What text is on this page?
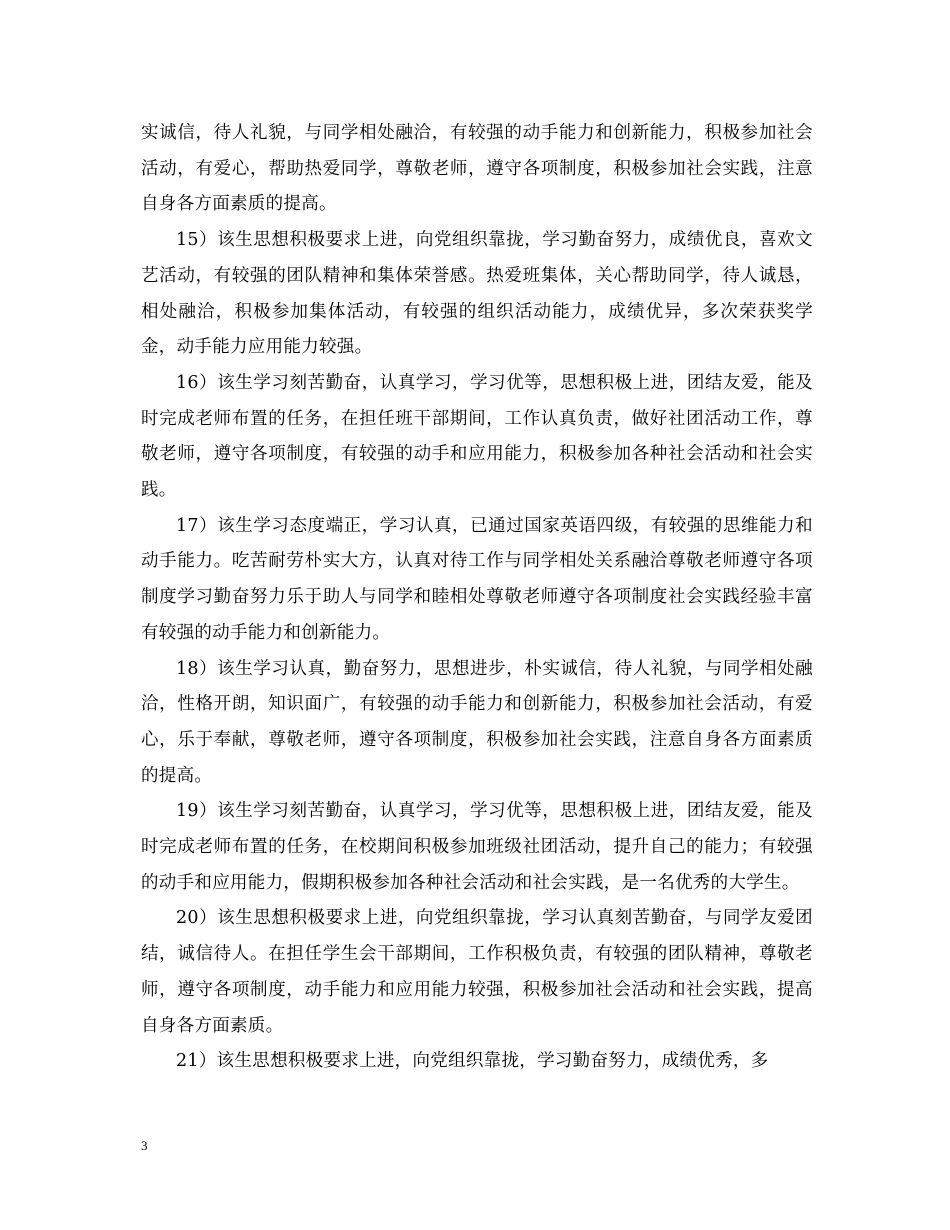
实诚信，待人礼貌，与同学相处融洽，有较强的动手能力和创新能力，积极参加社会活动，有爱心，帮助热爱同学，尊敬老师，遵守各项制度，积极参加社会实践，注意自身各方面素质的提高。

15）该生思想积极要求上进，向党组织靠拢，学习勤奋努力，成绩优良，喜欢文艺活动，有较强的团队精神和集体荣誉感。热爱班集体，关心帮助同学，待人诚恳，相处融洽，积极参加集体活动，有较强的组织活动能力，成绩优异，多次荣获奖学金，动手能力应用能力较强。

16）该生学习刻苦勤奋，认真学习，学习优等，思想积极上进，团结友爱，能及时完成老师布置的任务，在担任班干部期间，工作认真负责，做好社团活动工作，尊敬老师，遵守各项制度，有较强的动手和应用能力，积极参加各种社会活动和社会实践。

17）该生学习态度端正，学习认真，已通过国家英语四级，有较强的思维能力和动手能力。吃苦耐劳朴实大方，认真对待工作与同学相处关系融洽尊敬老师遵守各项制度学习勤奋努力乐于助人与同学和睦相处尊敬老师遵守各项制度社会实践经验丰富有较强的动手能力和创新能力。

18）该生学习认真，勤奋努力，思想进步，朴实诚信，待人礼貌，与同学相处融洽，性格开朗，知识面广，有较强的动手能力和创新能力，积极参加社会活动，有爱心，乐于奉献，尊敬老师，遵守各项制度，积极参加社会实践，注意自身各方面素质的提高。

19）该生学习刻苦勤奋，认真学习，学习优等，思想积极上进，团结友爱，能及时完成老师布置的任务，在校期间积极参加班级社团活动，提升自己的能力；有较强的动手和应用能力，假期积极参加各种社会活动和社会实践，是一名优秀的大学生。

20）该生思想积极要求上进，向党组织靠拢，学习认真刻苦勤奋，与同学友爱团结，诚信待人。在担任学生会干部期间，工作积极负责，有较强的团队精神，尊敬老师，遵守各项制度，动手能力和应用能力较强，积极参加社会活动和社会实践，提高自身各方面素质。

21）该生思想积极要求上进，向党组织靠拢，学习勤奋努力，成绩优秀，多

3
